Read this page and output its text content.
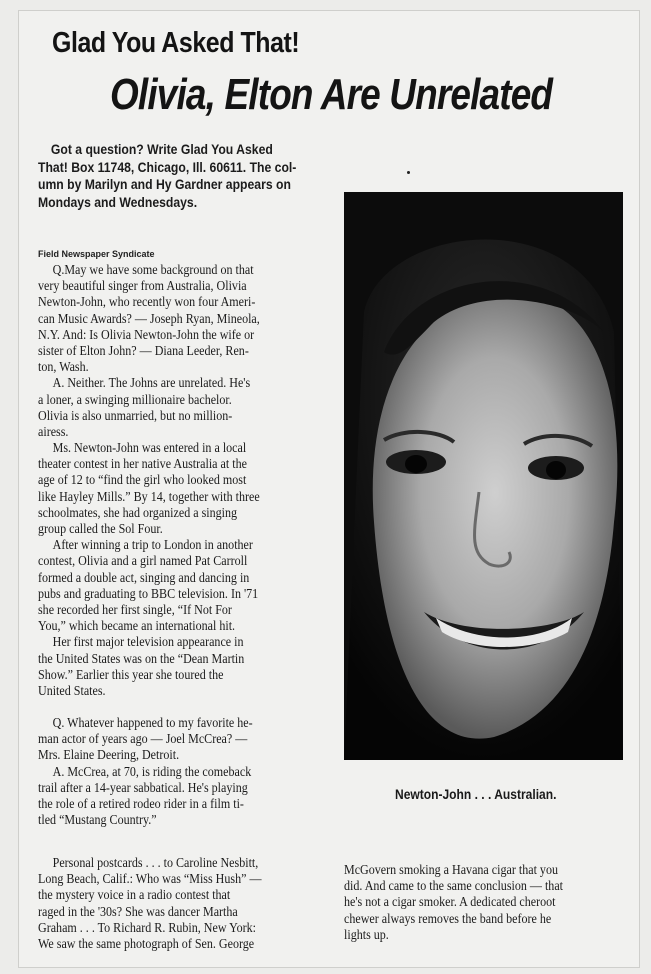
Glad You Asked That!
Olivia, Elton Are Unrelated
Got a question? Write Glad You Asked
That! Box 11748, Chicago, Ill. 60611. The col-
umn by Marilyn and Hy Gardner appears on
Mondays and Wednesdays.
Field Newspaper Syndicate
Q.May we have some background on that
very beautiful singer from Australia, Olivia
Newton-John, who recently won four Ameri-
can Music Awards? — Joseph Ryan, Mineola,
N.Y. And: Is Olivia Newton-John the wife or
sister of Elton John? — Diana Leeder, Ren-
ton, Wash.
A. Neither. The Johns are unrelated. He's
a loner, a swinging millionaire bachelor.
Olivia is also unmarried, but no million-
airess.
Ms. Newton-John was entered in a local
theater contest in her native Australia at the
age of 12 to “find the girl who looked most
like Hayley Mills.” By 14, together with three
schoolmates, she had organized a singing
group called the Sol Four.
After winning a trip to London in another
contest, Olivia and a girl named Pat Carroll
formed a double act, singing and dancing in
pubs and graduating to BBC television. In '71
she recorded her first single, “If Not For
You,” which became an international hit.
Her first major television appearance in
the United States was on the “Dean Martin
Show.” Earlier this year she toured the
United States.
Q. Whatever happened to my favorite he-
man actor of years ago — Joel McCrea? —
Mrs. Elaine Deering, Detroit.
A. McCrea, at 70, is riding the comeback
trail after a 14-year sabbatical. He's playing
the role of a retired rodeo rider in a film ti-
tled “Mustang Country.”
Personal postcards . . . to Caroline Nesbitt,
Long Beach, Calif.: Who was “Miss Hush” —
the mystery voice in a radio contest that
raged in the '30s? She was dancer Martha
Graham . . . To Richard R. Rubin, New York:
We saw the same photograph of Sen. George
McGovern smoking a Havana cigar that you
did. And came to the same conclusion — that
he's not a cigar smoker. A dedicated cheroot
chewer always removes the band before he
lights up.
Newton-John . . . Australian.
